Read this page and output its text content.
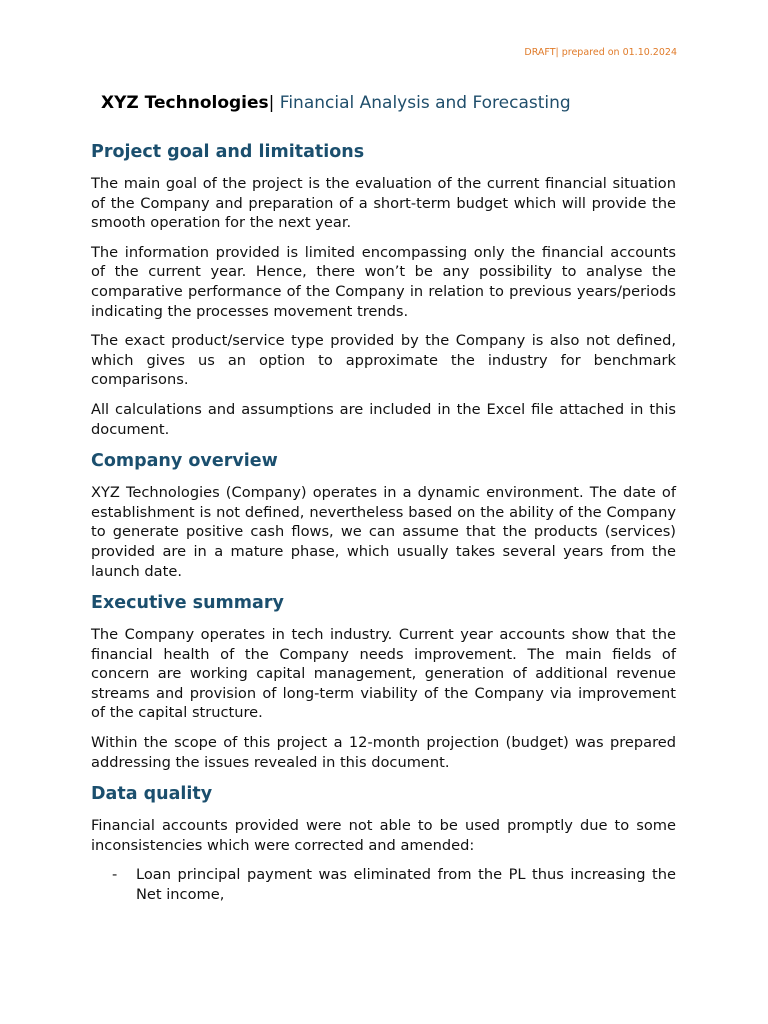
DRAFT| prepared on 01.10.2024
XYZ Technologies| Financial Analysis and Forecasting
Project goal and limitations

The main goal of the project is the evaluation of the current financial situation of the Company and preparation of a short-term budget which will provide the smooth operation for the next year.

The information provided is limited encompassing only the financial accounts of the current year. Hence, there won’t be any possibility to analyse the comparative performance of the Company in relation to previous years/periods indicating the processes movement trends.

The exact product/service type provided by the Company is also not defined, which gives us an option to approximate the industry for benchmark comparisons.

All calculations and assumptions are included in the Excel file attached in this document.

Company overview

XYZ Technologies (Company) operates in a dynamic environment. The date of establishment is not defined, nevertheless based on the ability of the Company to generate positive cash flows, we can assume that the products (services) provided are in a mature phase, which usually takes several years from the launch date.

Executive summary

The Company operates in tech industry. Current year accounts show that the financial health of the Company needs improvement. The main fields of concern are working capital management, generation of additional revenue streams and provision of long-term viability of the Company via improvement of the capital structure.

Within the scope of this project a 12-month projection (budget) was prepared addressing the issues revealed in this document.

Data quality

Financial accounts provided were not able to be used promptly due to some inconsistencies which were corrected and amended:

- Loan principal payment was eliminated from the PL thus increasing the Net income,
